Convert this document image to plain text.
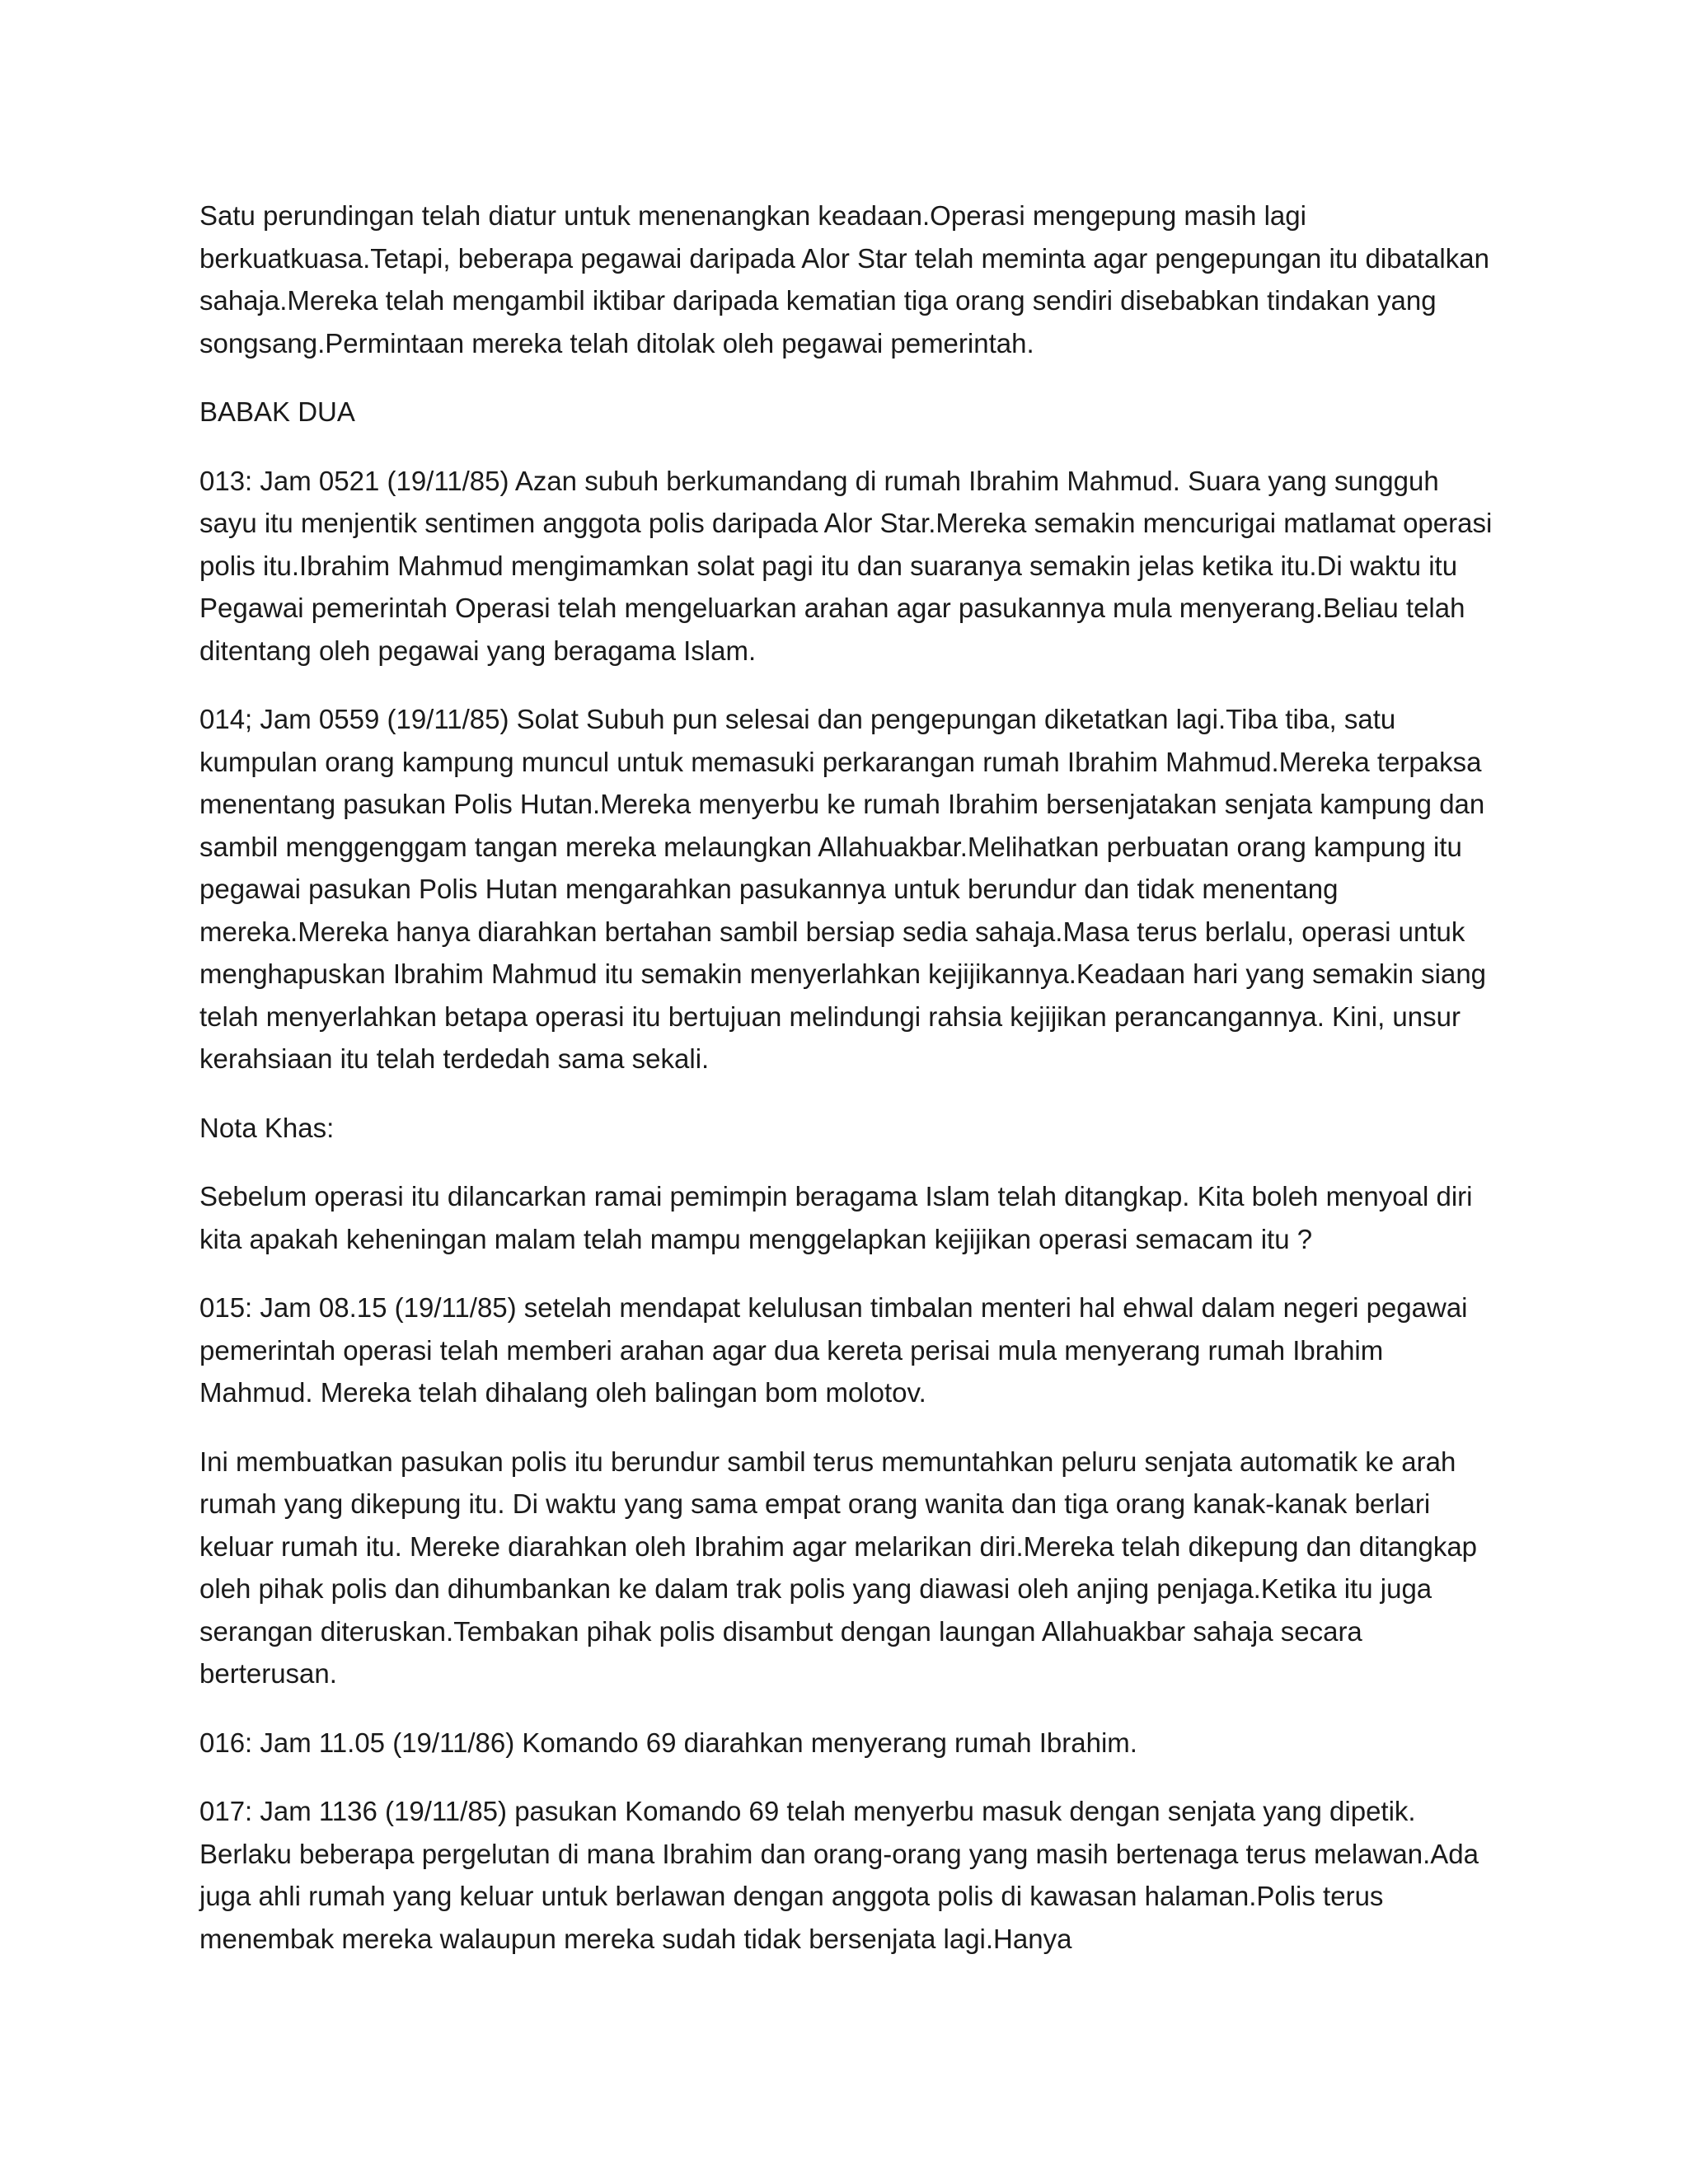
Satu perundingan telah diatur untuk menenangkan keadaan.Operasi mengepung masih lagi berkuatkuasa.Tetapi, beberapa pegawai daripada Alor Star telah meminta agar pengepungan itu dibatalkan sahaja.Mereka telah mengambil iktibar daripada kematian tiga orang sendiri disebabkan tindakan yang songsang.Permintaan mereka telah ditolak oleh pegawai pemerintah.

BABAK DUA

013: Jam 0521 (19/11/85) Azan subuh berkumandang di rumah Ibrahim Mahmud. Suara yang sungguh sayu itu menjentik sentimen anggota polis daripada Alor Star.Mereka semakin mencurigai matlamat operasi polis itu.Ibrahim Mahmud mengimamkan solat pagi itu dan suaranya semakin jelas ketika itu.Di waktu itu Pegawai pemerintah Operasi telah mengeluarkan arahan agar pasukannya mula menyerang.Beliau telah ditentang oleh pegawai yang beragama Islam.

014; Jam 0559 (19/11/85) Solat Subuh pun selesai dan pengepungan diketatkan lagi.Tiba tiba, satu kumpulan orang kampung muncul untuk memasuki perkarangan rumah Ibrahim Mahmud.Mereka terpaksa menentang pasukan Polis Hutan.Mereka menyerbu ke rumah Ibrahim bersenjatakan senjata kampung dan sambil menggenggam tangan mereka melaungkan Allahuakbar.Melihatkan perbuatan orang kampung itu pegawai pasukan Polis Hutan mengarahkan pasukannya untuk berundur dan tidak menentang mereka.Mereka hanya diarahkan bertahan sambil bersiap sedia sahaja.Masa terus berlalu, operasi untuk menghapuskan Ibrahim Mahmud itu semakin menyerlahkan kejijikannya.Keadaan hari yang semakin siang telah menyerlahkan betapa operasi itu bertujuan melindungi rahsia kejijikan perancangannya. Kini, unsur kerahsiaan itu telah terdedah sama sekali.

Nota Khas:

Sebelum operasi itu dilancarkan ramai pemimpin beragama Islam telah ditangkap. Kita boleh menyoal diri kita apakah keheningan malam telah mampu menggelapkan kejijikan operasi semacam itu ?

015: Jam 08.15 (19/11/85) setelah mendapat kelulusan timbalan menteri hal ehwal dalam negeri pegawai pemerintah operasi telah memberi arahan agar dua kereta perisai mula menyerang rumah Ibrahim Mahmud. Mereka telah dihalang oleh balingan bom molotov.

Ini membuatkan pasukan polis itu berundur sambil terus memuntahkan peluru senjata automatik ke arah rumah yang dikepung itu. Di waktu yang sama empat orang wanita dan tiga orang kanak-kanak berlari keluar rumah itu. Mereke diarahkan oleh Ibrahim agar melarikan diri.Mereka telah dikepung dan ditangkap oleh pihak polis dan dihumbankan ke dalam trak polis yang diawasi oleh anjing penjaga.Ketika itu juga serangan diteruskan.Tembakan pihak polis disambut dengan laungan Allahuakbar sahaja secara berterusan.

016: Jam 11.05 (19/11/86) Komando 69 diarahkan menyerang rumah Ibrahim.

017: Jam 1136 (19/11/85) pasukan Komando 69 telah menyerbu masuk dengan senjata yang dipetik. Berlaku beberapa pergelutan di mana Ibrahim dan orang-orang yang masih bertenaga terus melawan.Ada juga ahli rumah yang keluar untuk berlawan dengan anggota polis di kawasan halaman.Polis terus menembak mereka walaupun mereka sudah tidak bersenjata lagi.Hanya
